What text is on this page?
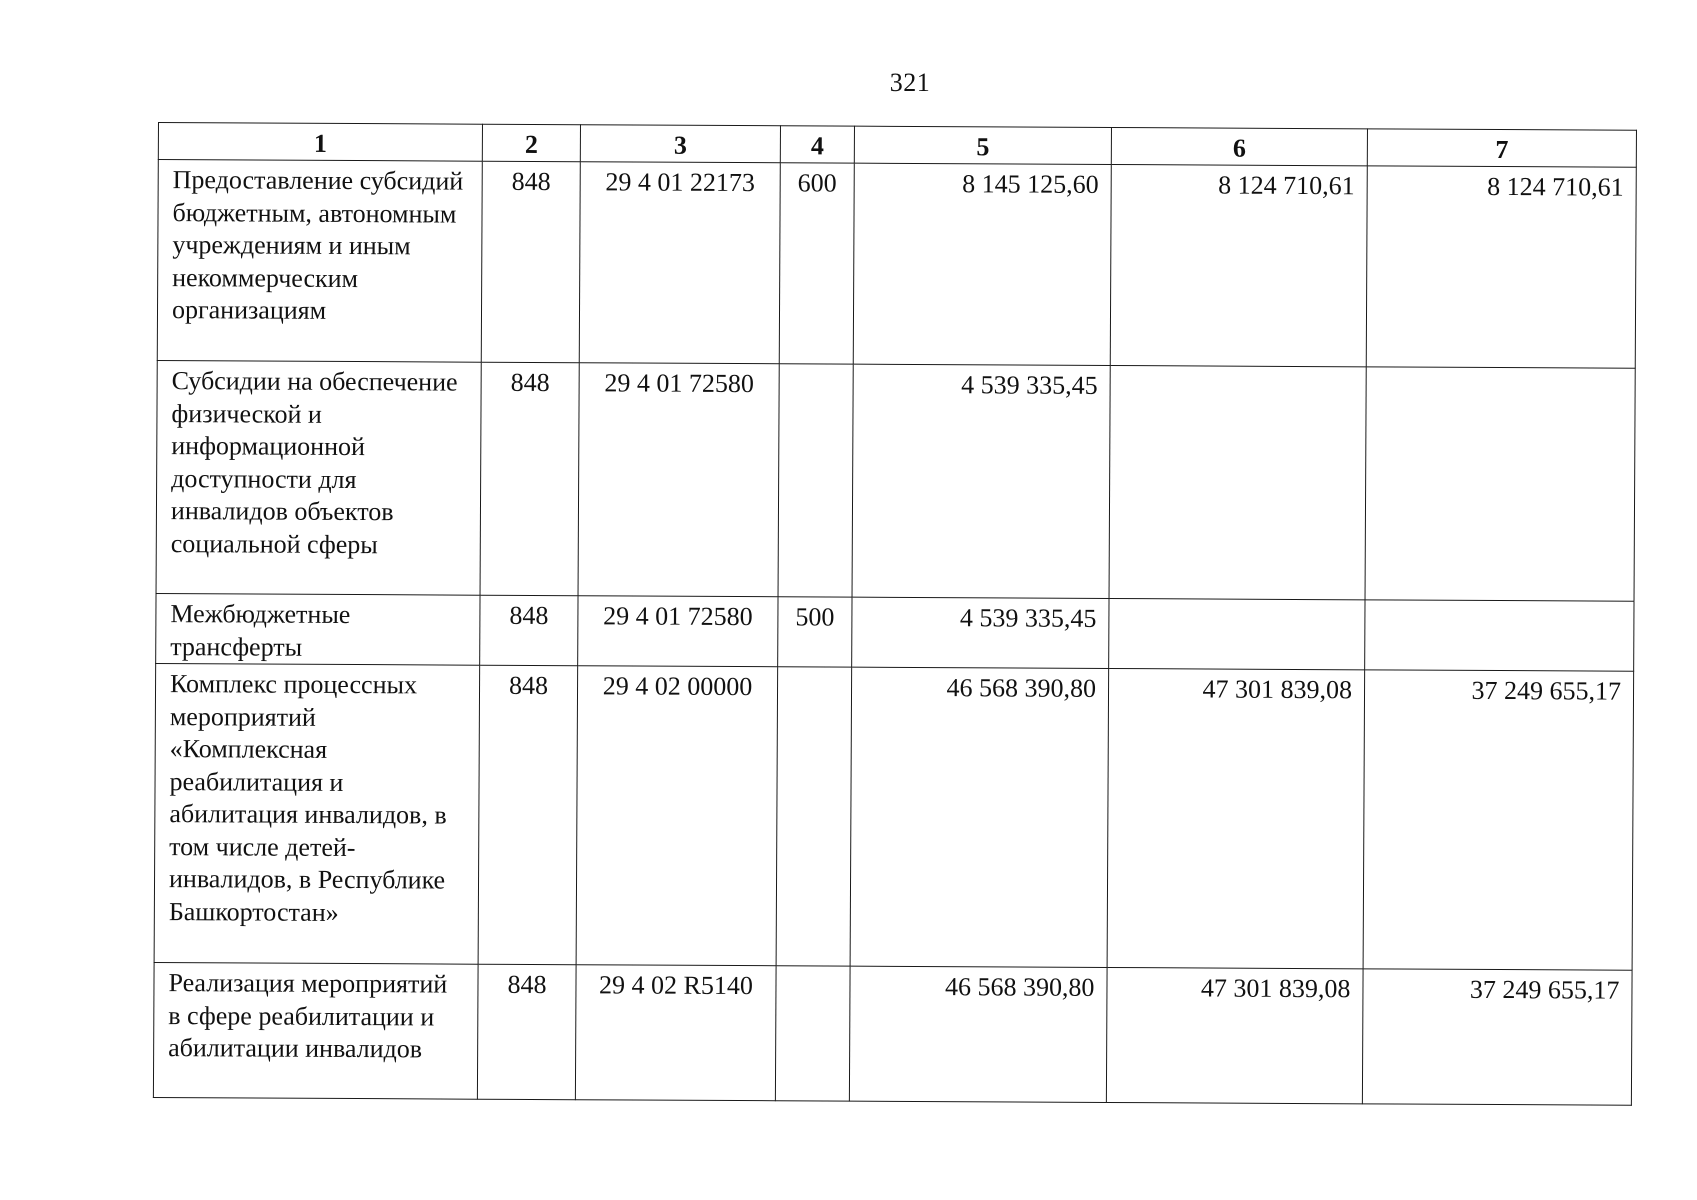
321
1	2	3	4	5	6	7
Предоставление субсидий бюджетным, автономным учреждениям и иным некоммерческим организациям	848	29 4 01 22173	600	8 145 125,60	8 124 710,61	8 124 710,61
Субсидии на обеспечение физической и информационной доступности для инвалидов объектов социальной сферы	848	29 4 01 72580		4 539 335,45		
Межбюджетные трансферты	848	29 4 01 72580	500	4 539 335,45		
Комплекс процессных мероприятий «Комплексная реабилитация и абилитация инвалидов, в том числе детей-инвалидов, в Республике Башкортостан»	848	29 4 02 00000		46 568 390,80	47 301 839,08	37 249 655,17
Реализация мероприятий в сфере реабилитации и абилитации инвалидов	848	29 4 02 R5140		46 568 390,80	47 301 839,08	37 249 655,17
